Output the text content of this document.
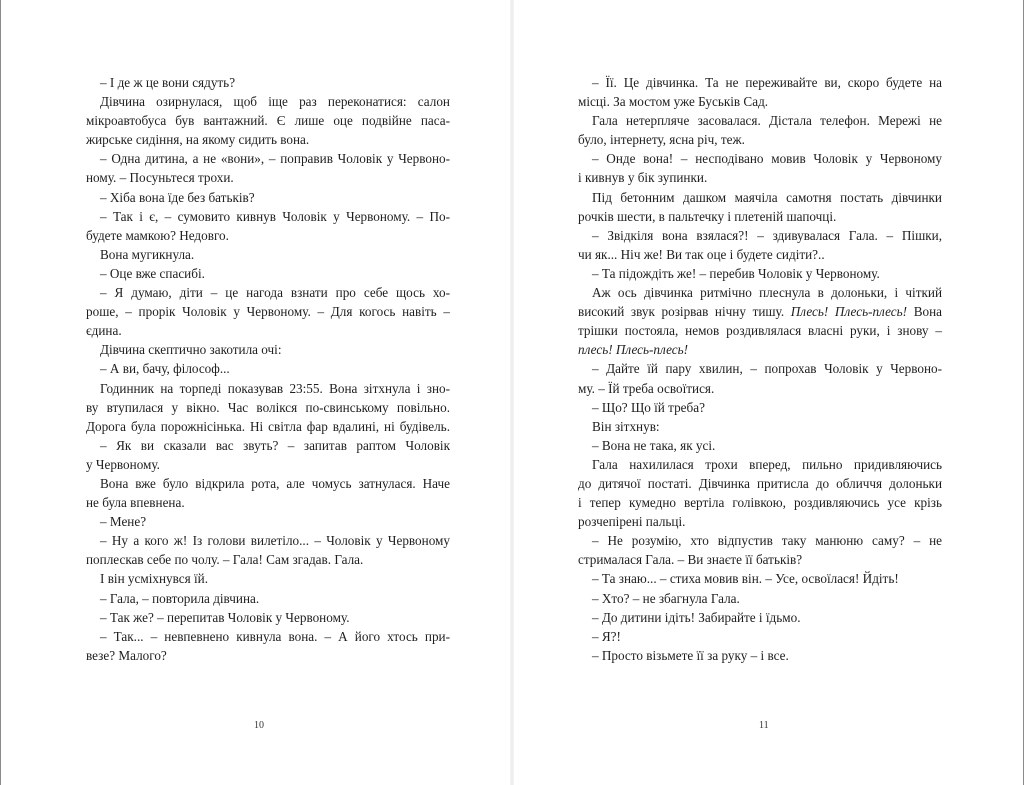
– І де ж це вони сядуть?
Дівчина озирнулася, щоб іще раз переконатися: салон
мікроавтобуса був вантажний. Є лише оце подвійне паса-
жирське сидіння, на якому сидить вона.
– Одна дитина, а не «вони», – поправив Чоловік у Червоно-
ному. – Посуньтеся трохи.
– Хіба вона їде без батьків?
– Так і є, – сумовито кивнув Чоловік у Червоному. – По-
будете мамкою? Недовго.
Вона мугикнула.
– Оце вже спасибі.
– Я думаю, діти – це нагода взнати про себе щось хо-
роше, – прорік Чоловік у Червоному. – Для когось навіть –
єдина.
Дівчина скептично закотила очі:
– А ви, бачу, філософ...
Годинник на торпеді показував 23:55. Вона зітхнула і зно-
ву втупилася у вікно. Час волікся по-свинському повільно.
Дорога була порожнісінька. Ні світла фар вдалині, ні будівель.
– Як ви сказали вас звуть? – запитав раптом Чоловік
у Червоному.
Вона вже було відкрила рота, але чомусь затнулася. Наче
не була впевнена.
– Мене?
– Ну а кого ж! Із голови вилетіло... – Чоловік у Червоному
поплескав себе по чолу. – Гала! Сам згадав. Гала.
І він усміхнувся їй.
– Гала, – повторила дівчина.
– Так же? – перепитав Чоловік у Червоному.
– Так... – невпевнено кивнула вона. – А його хтось при-
везе? Малого?
– Її. Це дівчинка. Та не переживайте ви, скоро будете на
місці. За мостом уже Буськів Сад.
Гала нетерпляче засовалася. Дістала телефон. Мережі не
було, інтернету, ясна річ, теж.
– Онде вона! – несподівано мовив Чоловік у Червоному
і кивнув у бік зупинки.
Під бетонним дашком маячіла самотня постать дівчинки
рочків шести, в пальтечку і плетеній шапочці.
– Звідкіля вона взялася?! – здивувалася Гала. – Пішки,
чи як... Ніч же! Ви так оце і будете сидіти?..
– Та підождіть же! – перебив Чоловік у Червоному.
Аж ось дівчинка ритмічно плеснула в долоньки, і чіткий
високий звук розірвав нічну тишу. Плесь! Плесь-плесь! Вона
трішки постояла, немов роздивлялася власні руки, і знову –
плесь! Плесь-плесь!
– Дайте їй пару хвилин, – попрохав Чоловік у Червоно-
му. – Їй треба освоїтися.
– Що? Що їй треба?
Він зітхнув:
– Вона не така, як усі.
Гала нахилилася трохи вперед, пильно придивляючись
до дитячої постаті. Дівчинка притисла до обличчя долоньки
і тепер кумедно вертіла голівкою, роздивляючись усе крізь
розчепірені пальці.
– Не розумію, хто відпустив таку манюню саму? – не
стрималася Гала. – Ви знаєте її батьків?
– Та знаю... – стиха мовив він. – Усе, освоїлася! Йдіть!
– Хто? – не збагнула Гала.
– До дитини ідіть! Забирайте і їдьмо.
– Я?!
– Просто візьмете її за руку – і все.
10	11
